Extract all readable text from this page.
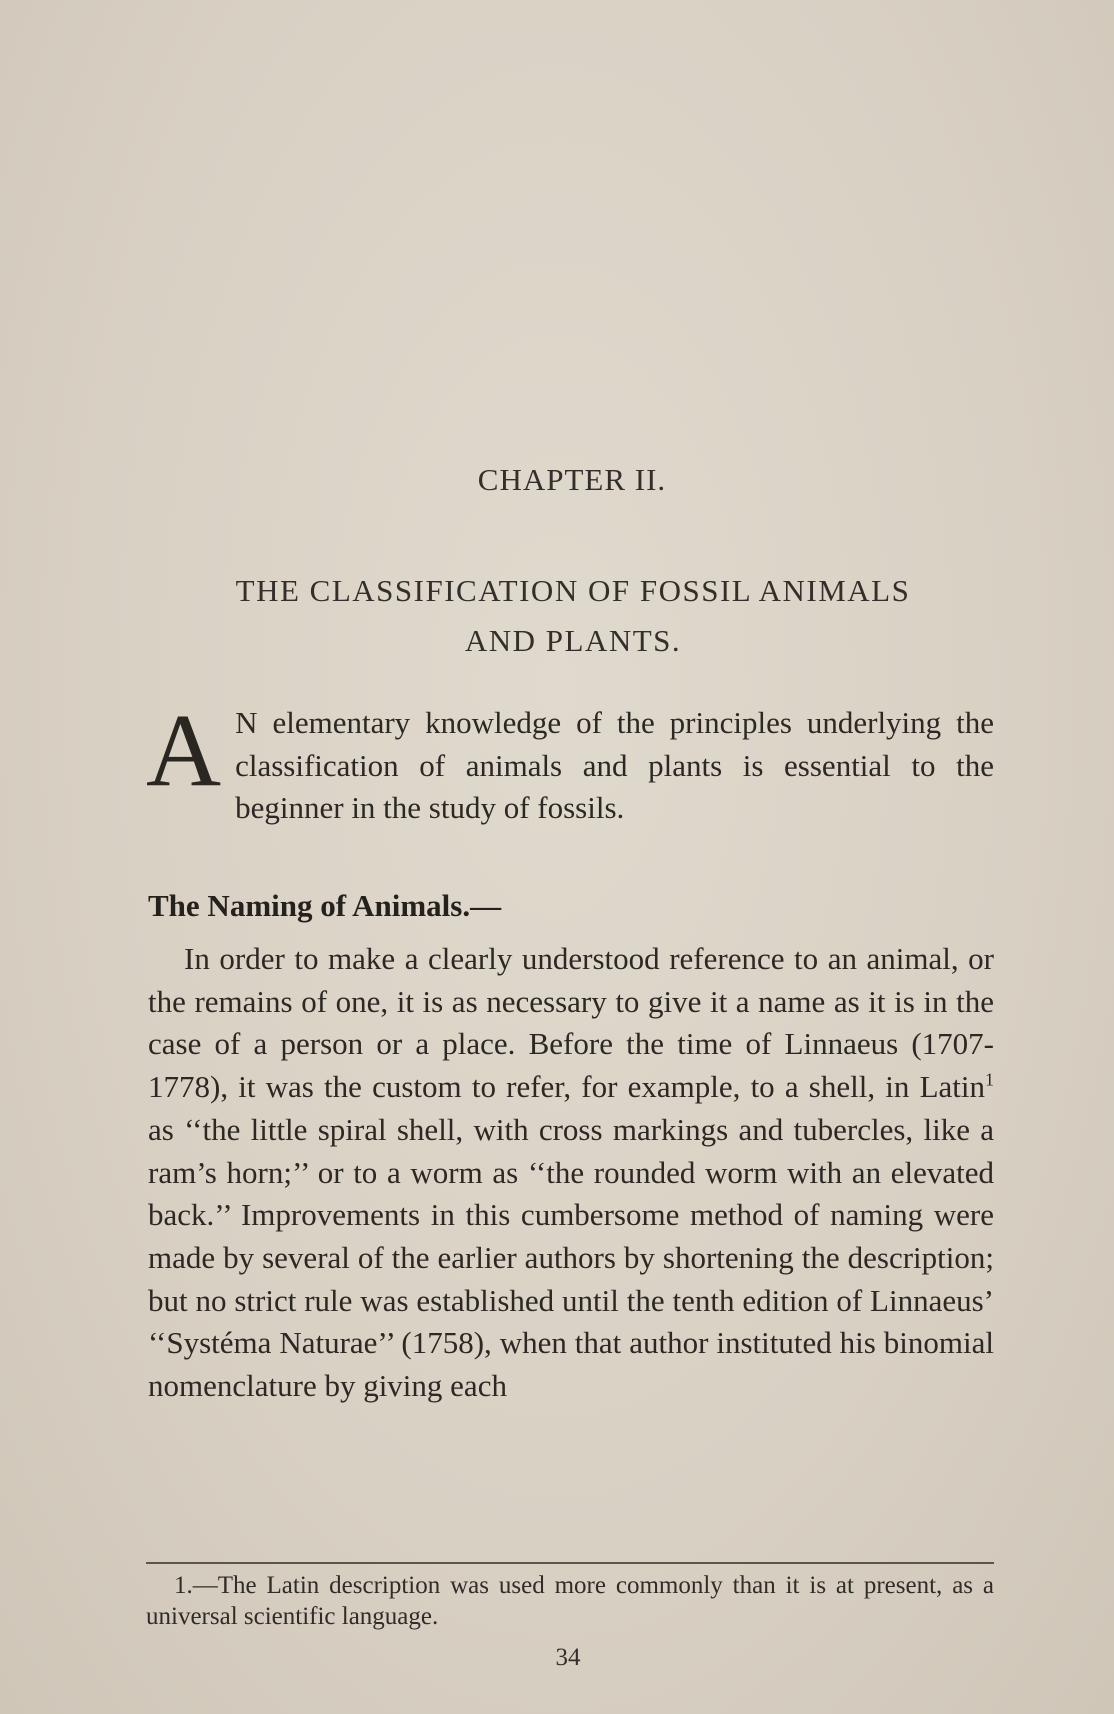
CHAPTER II.
THE CLASSIFICATION OF FOSSIL ANIMALS
AND PLANTS.
A N elementary knowledge of the principles underlying the classification of animals and plants is essential to the beginner in the study of fossils.
The Naming of Animals.—
In order to make a clearly understood reference to an animal, or the remains of one, it is as necessary to give it a name as it is in the case of a person or a place. Before the time of Linnaeus (1707-1778), it was the custom to refer, for example, to a shell, in Latin$^1$ as ‘‘the little spiral shell, with cross markings and tubercles, like a ram’s horn;’’ or to a worm as ‘‘the rounded worm with an elevated back.’’ Improvements in this cumbersome method of naming were made by several of the earlier authors by shortening the description; but no strict rule was established until the tenth edition of Linnaeus’ ‘‘Systéma Naturae’’ (1758), when that author instituted his binomial nomenclature by giving each
1.—The Latin description was used more commonly than it is at present, as a universal scientific language.
34
